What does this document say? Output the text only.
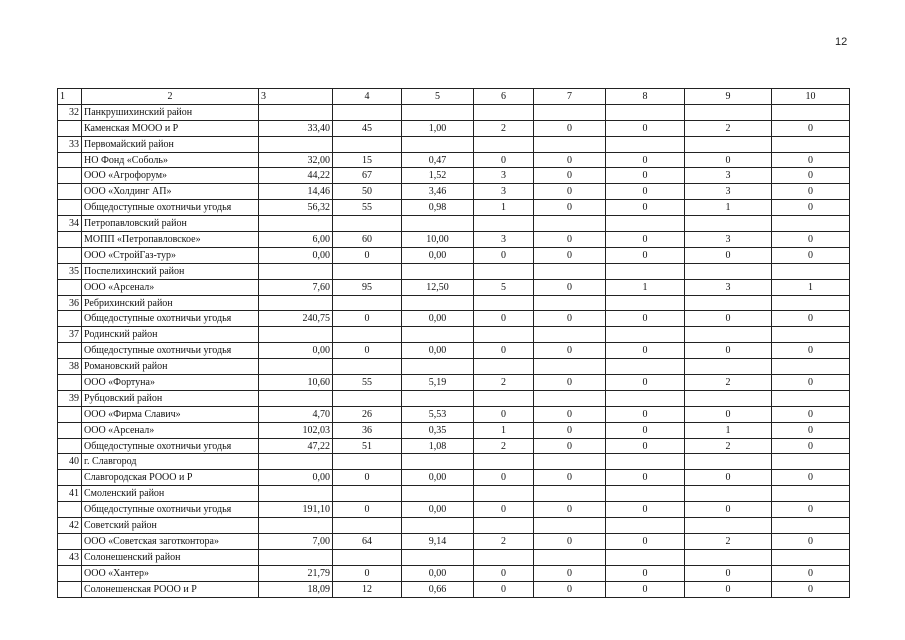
12
1	2	3	4	5	6	7	8	9	10
32	Панкрушихинский район								
	Каменская МООО и Р	33,40	45	1,00	2	0	0	2	0
33	Первомайский район								
	НО Фонд «Соболь»	32,00	15	0,47	0	0	0	0	0
	ООО «Агрофорум»	44,22	67	1,52	3	0	0	3	0
	ООО «Холдинг АП»	14,46	50	3,46	3	0	0	3	0
	Общедоступные охотничьи угодья	56,32	55	0,98	1	0	0	1	0
34	Петропавловский район								
	МОПП «Петропавловское»	6,00	60	10,00	3	0	0	3	0
	ООО «СтройГаз-тур»	0,00	0	0,00	0	0	0	0	0
35	Поспелихинский район								
	ООО «Арсенал»	7,60	95	12,50	5	0	1	3	1
36	Ребрихинский район								
	Общедоступные охотничьи угодья	240,75	0	0,00	0	0	0	0	0
37	Родинский район								
	Общедоступные охотничьи угодья	0,00	0	0,00	0	0	0	0	0
38	Романовский район								
	ООО «Фортуна»	10,60	55	5,19	2	0	0	2	0
39	Рубцовский район								
	ООО «Фирма Славич»	4,70	26	5,53	0	0	0	0	0
	ООО «Арсенал»	102,03	36	0,35	1	0	0	1	0
	Общедоступные охотничьи угодья	47,22	51	1,08	2	0	0	2	0
40	г. Славгород								
	Славгородская РООО и Р	0,00	0	0,00	0	0	0	0	0
41	Смоленский район								
	Общедоступные охотничьи угодья	191,10	0	0,00	0	0	0	0	0
42	Советский район								
	ООО «Советская заготконтора»	7,00	64	9,14	2	0	0	2	0
43	Солонешенский район								
	ООО «Хантер»	21,79	0	0,00	0	0	0	0	0
	Солонешенская РООО и Р	18,09	12	0,66	0	0	0	0	0
